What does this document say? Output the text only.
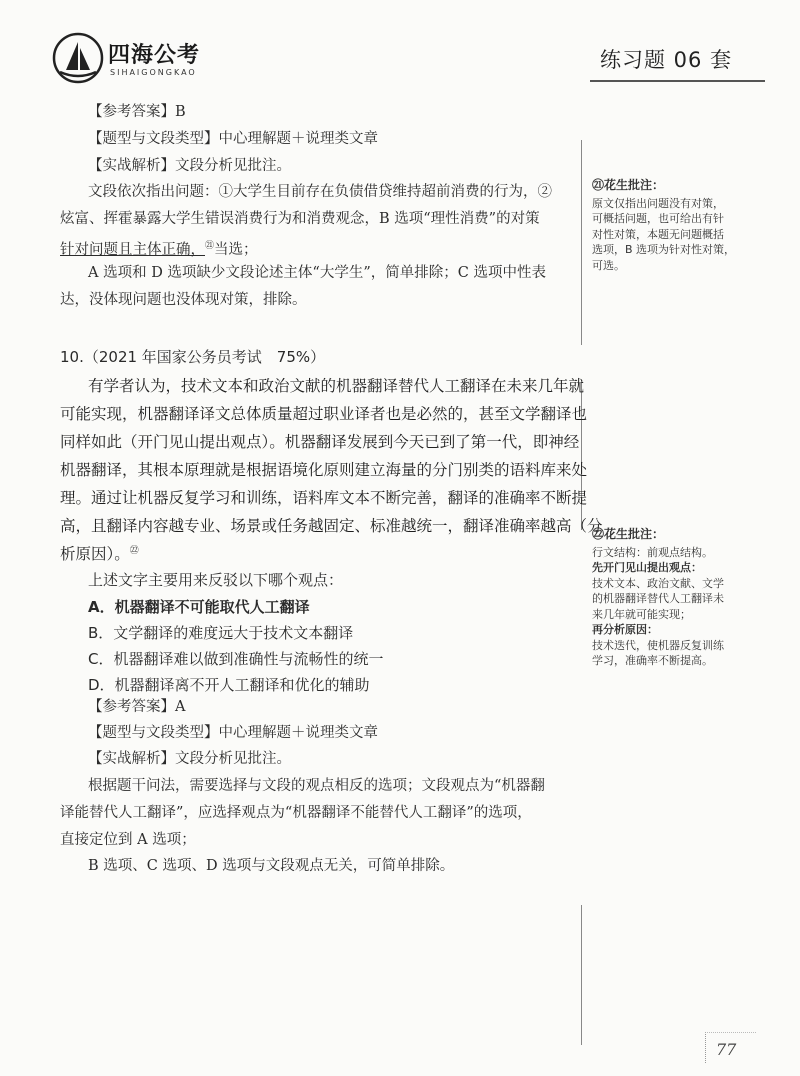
四海公考
SIHAIGONGKAO
练习题 06 套
【参考答案】B
【题型与文段类型】中心理解题＋说理类文章
【实战解析】文段分析见批注。
文段依次指出问题：①大学生目前存在负债借贷维持超前消费的行为，②
炫富、挥霍暴露大学生错误消费行为和消费观念，B 选项“理性消费”的对策
针对问题且主体正确，$^㉑$当选；
A 选项和 D 选项缺少文段论述主体“大学生”，简单排除；C 选项中性表
达，没体现问题也没体现对策，排除。
10.（2021 年国家公务员考试　75%）
有学者认为，技术文本和政治文献的机器翻译替代人工翻译在未来几年就
可能实现，机器翻译译文总体质量超过职业译者也是必然的，甚至文学翻译也
同样如此（开门见山提出观点）。机器翻译发展到今天已到了第一代，即神经
机器翻译，其根本原理就是根据语境化原则建立海量的分门别类的语料库来处
理。通过让机器反复学习和训练，语料库文本不断完善，翻译的准确率不断提
高，且翻译内容越专业、场景或任务越固定、标准越统一，翻译准确率越高（分
析原因）。$^㉒$
上述文字主要用来反驳以下哪个观点：
A．机器翻译不可能取代人工翻译
B．文学翻译的难度远大于技术文本翻译
C．机器翻译难以做到准确性与流畅性的统一
D．机器翻译离不开人工翻译和优化的辅助
【参考答案】A
【题型与文段类型】中心理解题＋说理类文章
【实战解析】文段分析见批注。
根据题干问法，需要选择与文段的观点相反的选项；文段观点为“机器翻
译能替代人工翻译”，应选择观点为“机器翻译不能替代人工翻译”的选项，
直接定位到 A 选项；
B 选项、C 选项、D 选项与文段观点无关，可简单排除。

㉑花生批注：

原文仅指出问题没有对策，

可概括问题，也可给出有针

对性对策，本题无问题概括

选项，B 选项为针对性对策，

可选。

㉒花生批注：

行文结构：前观点结构。

先开门见山提出观点：

技术文本、政治文献、文学

的机器翻译替代人工翻译未

来几年就可能实现；

再分析原因：

技术迭代，使机器反复训练

学习，准确率不断提高。

77
